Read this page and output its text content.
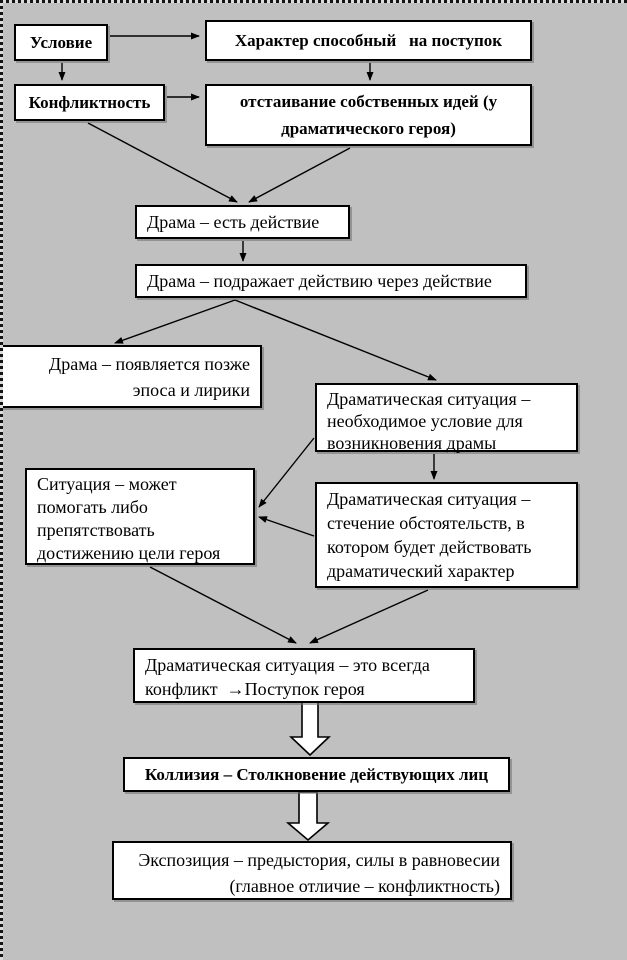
Условие	Характер способный   на поступок
Конфликтность	отстаивание собственных идей (у
драматического героя)
Драма – есть действие
Драма – подражает действию через действие
Драма – появляется позже
эпоса и лирики	Драматическая ситуация –
необходимое условие для
возникновения драмы
Ситуация – может
помогать либо
препятствовать
достижению цели героя
Драматическая ситуация –
стечение обстоятельств, в
котором будет действовать
драматический характер
Драматическая ситуация – это всегда
конфликт  →Поступок героя
Коллизия – Столкновение действующих лиц
Экспозиция – предыстория, силы в равновесии
(главное отличие – конфликтность)
